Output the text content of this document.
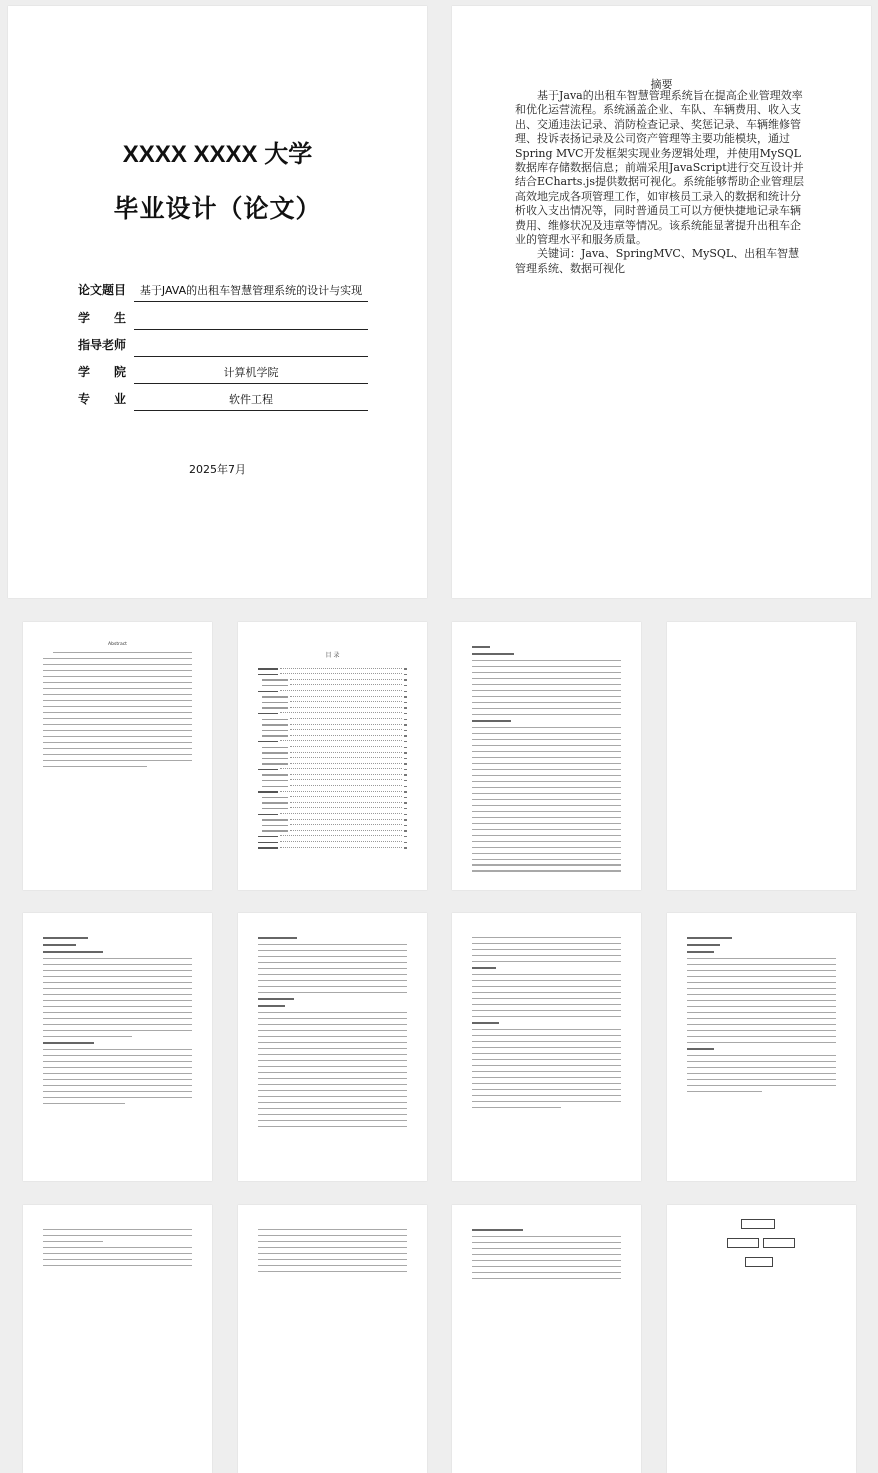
XXXX XXXX 大学
毕业设计（论文）
论文题目	基于JAVA的出租车智慧管理系统的设计与实现
学　　生
指导老师
学　　院	计算机学院
专　　业	软件工程
2025年7月
摘要

基于Java的出租车智慧管理系统旨在提高企业管理效率和优化运营流程。系统涵盖企业、车队、车辆费用、收入支出、交通违法记录、消防检查记录、奖惩记录、车辆维修管理、投诉表扬记录及公司资产管理等主要功能模块，通过Spring MVC开发框架实现业务逻辑处理，并使用MySQL数据库存储数据信息；前端采用JavaScript进行交互设计并结合ECharts.js提供数据可视化。系统能够帮助企业管理层高效地完成各项管理工作，如审核员工录入的数据和统计分析收入支出情况等，同时普通员工可以方便快捷地记录车辆费用、维修状况及违章等情况。该系统能显著提升出租车企业的管理水平和服务质量。

关键词：Java、SpringMVC、MySQL、出租车智慧管理系统、数据可视化

Abstract
目 录
